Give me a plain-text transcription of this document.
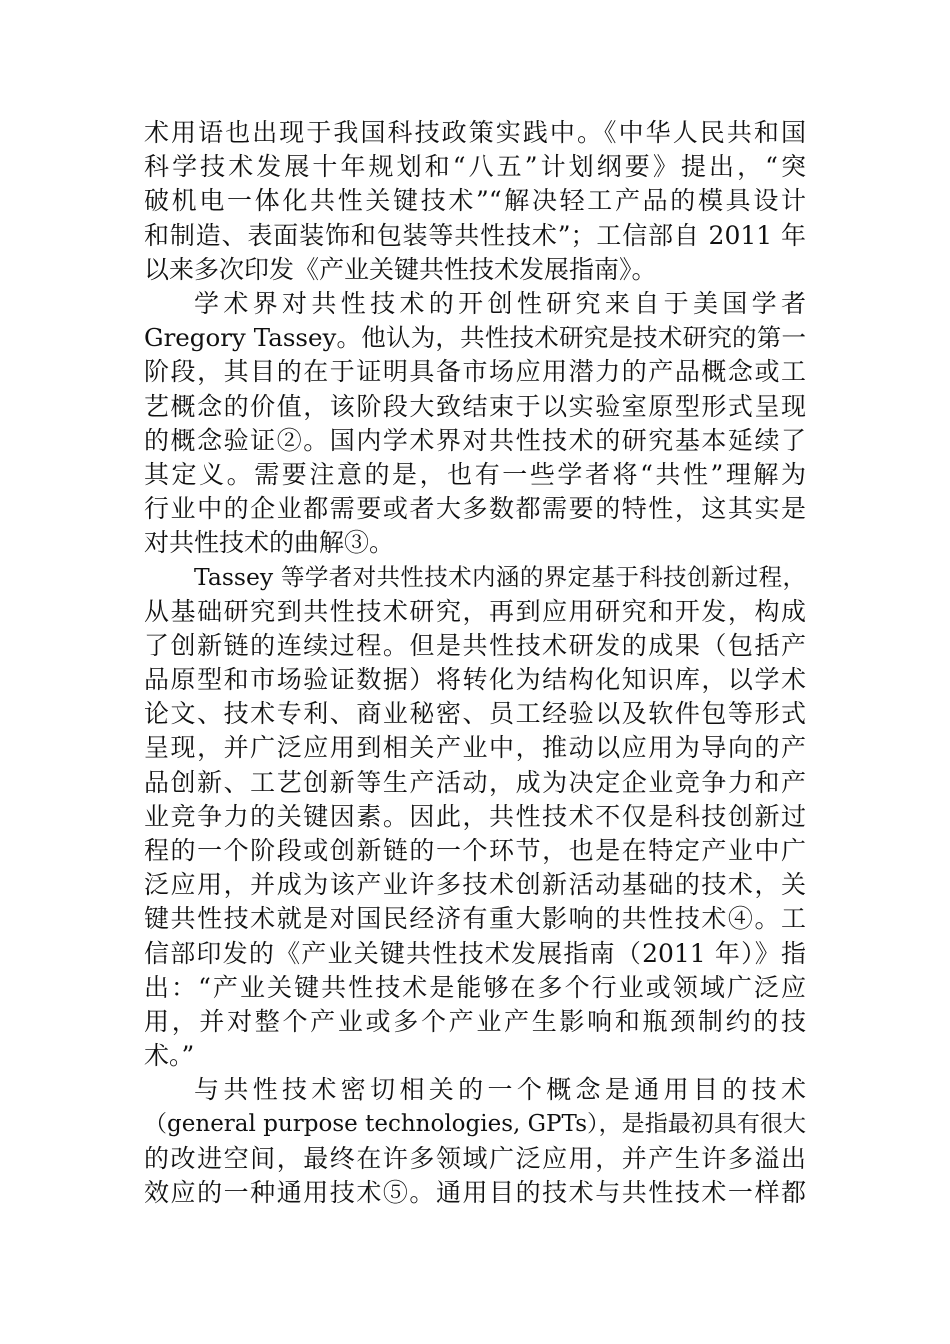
术用语也出现于我国科技政策实践中。《中华人民共和国
科学技术发展十年规划和“八五”计划纲要》提出，“突
破机电一体化共性关键技术”“解决轻工产品的模具设计
和制造、表面装饰和包装等共性技术”；工信部自 2011 年
以来多次印发《产业关键共性技术发展指南》。
学术界对共性技术的开创性研究来自于美国学者
Gregory Tassey。他认为，共性技术研究是技术研究的第一
阶段，其目的在于证明具备市场应用潜力的产品概念或工
艺概念的价值，该阶段大致结束于以实验室原型形式呈现
的概念验证②。国内学术界对共性技术的研究基本延续了
其定义。需要注意的是，也有一些学者将“共性”理解为
行业中的企业都需要或者大多数都需要的特性，这其实是
对共性技术的曲解③。
Tassey 等学者对共性技术内涵的界定基于科技创新过程，
从基础研究到共性技术研究，再到应用研究和开发，构成
了创新链的连续过程。但是共性技术研发的成果（包括产
品原型和市场验证数据）将转化为结构化知识库，以学术
论文、技术专利、商业秘密、员工经验以及软件包等形式
呈现，并广泛应用到相关产业中，推动以应用为导向的产
品创新、工艺创新等生产活动，成为决定企业竞争力和产
业竞争力的关键因素。因此，共性技术不仅是科技创新过
程的一个阶段或创新链的一个环节，也是在特定产业中广
泛应用，并成为该产业许多技术创新活动基础的技术，关
键共性技术就是对国民经济有重大影响的共性技术④。工
信部印发的《产业关键共性技术发展指南（2011 年）》指
出：“产业关键共性技术是能够在多个行业或领域广泛应
用，并对整个产业或多个产业产生影响和瓶颈制约的技
术。”
与共性技术密切相关的一个概念是通用目的技术
（general purpose technologies, GPTs），是指最初具有很大
的改进空间，最终在许多领域广泛应用，并产生许多溢出
效应的一种通用技术⑤。通用目的技术与共性技术一样都
